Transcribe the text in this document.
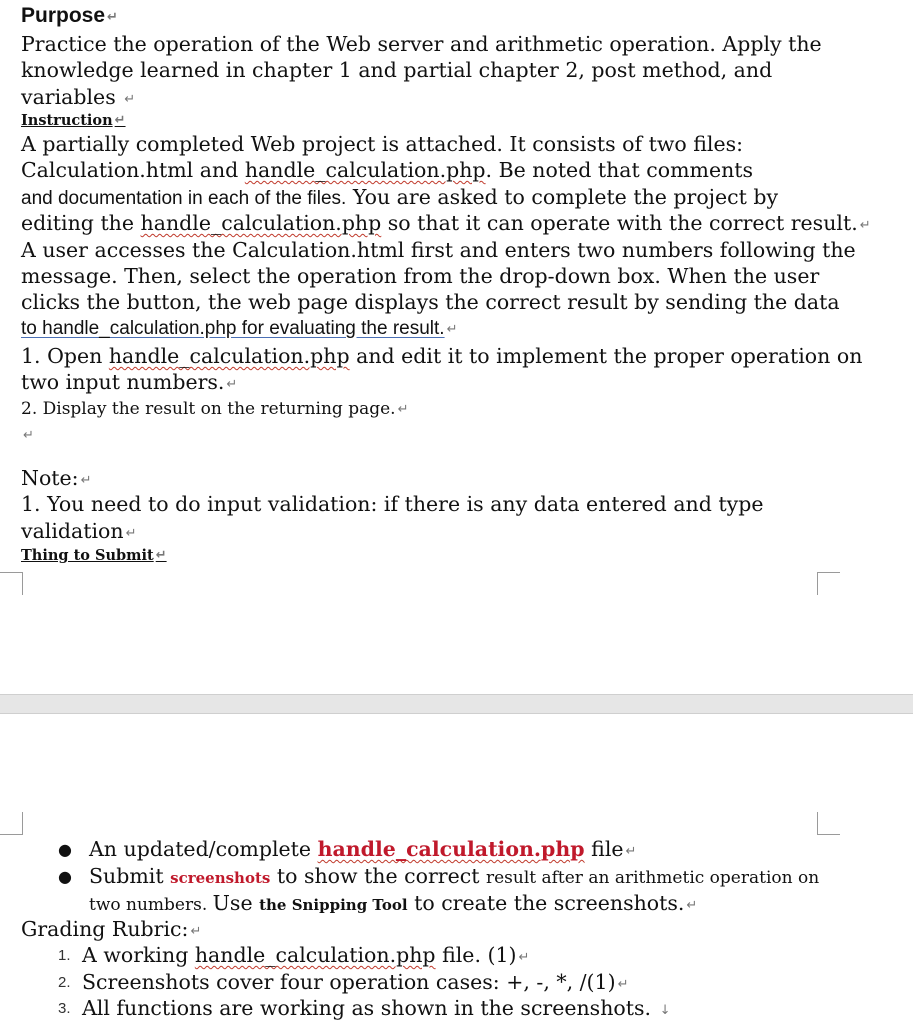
Purpose ↵
Practice the operation of the Web server and arithmetic operation. Apply the
knowledge learned in chapter 1 and partial chapter 2, post method, and
variables ↵
Instruction ↵
A partially completed Web project is attached. It consists of two files:
Calculation.html and handle_calculation.php. Be noted that comments
and documentation in each of the files. You are asked to complete the project by
editing the handle_calculation.php so that it can operate with the correct result. ↵
A user accesses the Calculation.html first and enters two numbers following the
message. Then, select the operation from the drop-down box. When the user
clicks the button, the web page displays the correct result by sending the data
to handle_calculation.php for evaluating the result. ↵
1. Open handle_calculation.php and edit it to implement the proper operation on
two input numbers. ↵
2. Display the result on the returning page. ↵
↵
Note: ↵
1. You need to do input validation: if there is any data entered and type
validation ↵
Thing to Submit ↵
● An updated/complete handle_calculation.php file ↵
● Submit screenshots to show the correct result after an arithmetic operation on
two numbers. Use the Snipping Tool to create the screenshots. ↵
Grading Rubric: ↵
1. A working handle_calculation.php file. (1) ↵
2. Screenshots cover four operation cases: +, -, *, /(1) ↵
3. All functions are working as shown in the screenshots. ↓
